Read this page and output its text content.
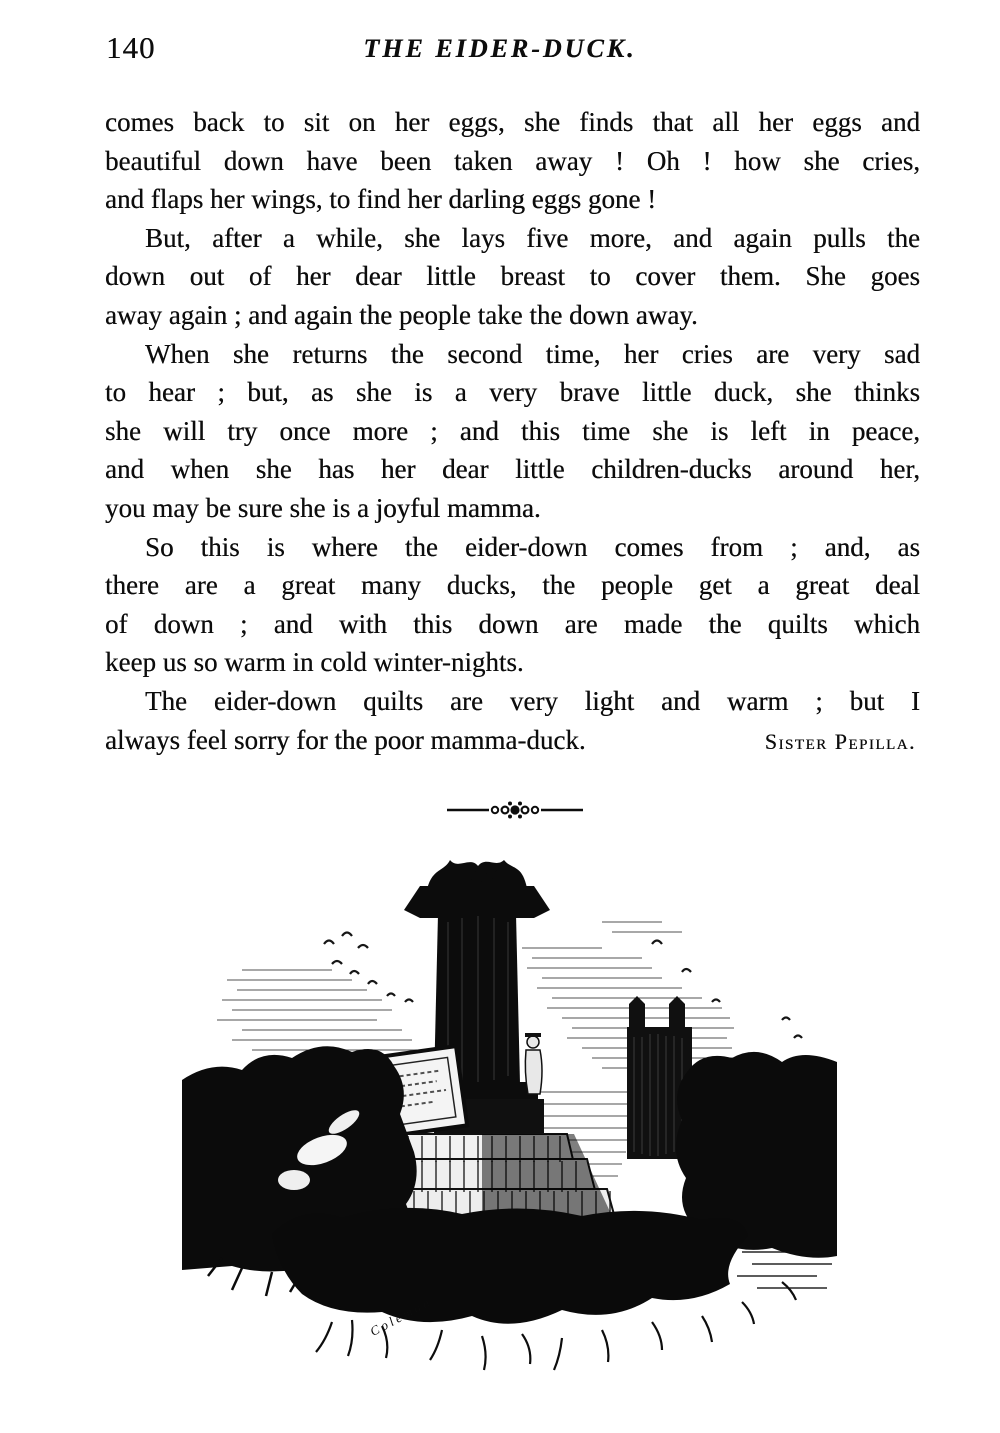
140	THE EIDER-DUCK.
comes back to sit on her eggs, she finds that all her eggs and
beautiful down have been taken away ! Oh ! how she cries,
and flaps her wings, to find her darling eggs gone !
But, after a while, she lays five more, and again pulls the
down out of her dear little breast to cover them. She goes
away again ; and again the people take the down away.
When she returns the second time, her cries are very sad
to hear ; but, as she is a very brave little duck, she thinks
she will try once more ; and this time she is left in peace,
and when she has her dear little children-ducks around her,
you may be sure she is a joyful mamma.
So this is where the eider-down comes from ; and, as
there are a great many ducks, the people get a great deal
of down ; and with this down are made the quilts which
keep us so warm in cold winter-nights.
The eider-down quilts are very light and warm ; but I
always feel sorry for the poor mamma-duck.	Sister Pepilla.
Coleman
